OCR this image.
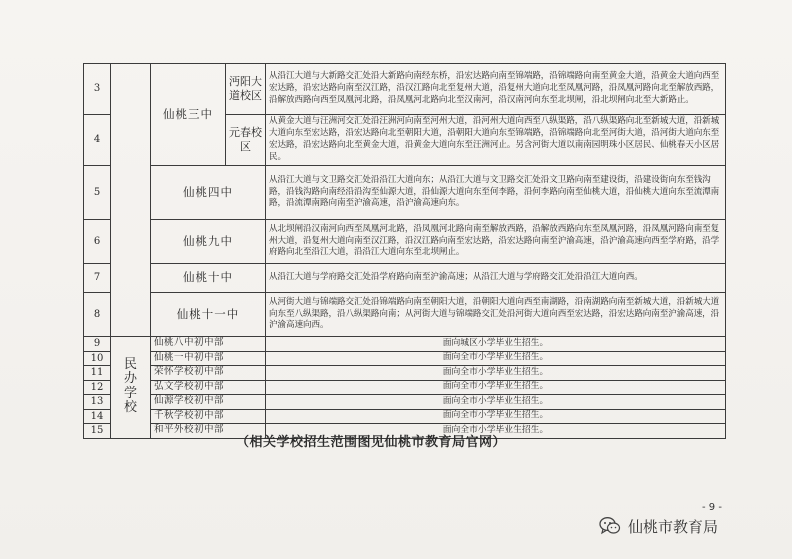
3		仙桃三中	沔阳大道校区	从沿江大道与大新路交汇处沿大新路向南经东桥，沿宏达路向南至锦端路，沿锦端路向南至黄金大道，沿黄金大道向西至宏达路，沿宏达路向南至汉江路，沿汉江路向北至复州大道，沿复州大道向北至凤凰河路，沿凤凰河路向北至解放西路，沿解放西路向西至凤凰河北路，沿凤凰河北路向北至汉南河，沿汉南河向东至北坝闸，沿北坝闸向北至大新路止。
4			元春校区	从黄金大道与汪洲河交汇处沿汪洲河向南至河州大道，沿河州大道向西至八纵渠路，沿八纵渠路向北至新城大道，沿新城大道向东至宏达路，沿宏达路向北至朝阳大道，沿朝阳大道向东至锦端路，沿锦端路向北至河街大道，沿河街大道向东至宏达路，沿宏达路向北至黄金大道，沿黄金大道向东至汪洲河止。另含河街大道以南南园明珠小区居民、仙桃春天小区居民。
5		仙桃四中		从沿江大道与文卫路交汇处沿沿江大道向东；从沿江大道与文卫路交汇处沿文卫路向南至建设街，沿建设街向东至钱沟路，沿钱沟路向南经沿沿沟至仙源大道，沿仙源大道向东至何李路，沿何李路向南至仙桃大道，沿仙桃大道向东至流潭南路，沿流潭南路向南至沪渝高速，沿沪渝高速向东。
6		仙桃九中		从北坝闸沿汉南河向西至凤凰河北路，沿凤凰河北路向南至解放西路，沿解放西路向东至凤凰河路，沿凤凰河路向南至复州大道，沿复州大道向南至汉江路，沿汉江路向南至宏达路，沿宏达路向南至沪渝高速，沿沪渝高速向西至学府路，沿学府路向北至沿江大道，沿沿江大道向东至北坝闸止。
7		仙桃十中		从沿江大道与学府路交汇处沿学府路向南至沪渝高速；从沿江大道与学府路交汇处沿沿江大道向西。
8		仙桃十一中		从河街大道与锦端路交汇处沿锦端路向南至朝阳大道，沿朝阳大道向西至南湖路，沿南湖路向南至新城大道，沿新城大道向东至八纵渠路，沿八纵渠路向南；从河街大道与锦端路交汇处沿河街大道向西至宏达路，沿宏达路向南至沪渝高速，沿沪渝高速向西。
9	民办学校	仙桃八中初中部		面向城区小学毕业生招生。
10		仙桃一中初中部		面向全市小学毕业生招生。
11		荣怀学校初中部		面向全市小学毕业生招生。
12		弘文学校初中部		面向全市小学毕业生招生。
13		仙源学校初中部		面向全市小学毕业生招生。
14		千秋学校初中部		面向全市小学毕业生招生。
15		和平外校初中部		面向全市小学毕业生招生。
（相关学校招生范围图见仙桃市教育局官网）
- 9 -
仙桃市教育局
